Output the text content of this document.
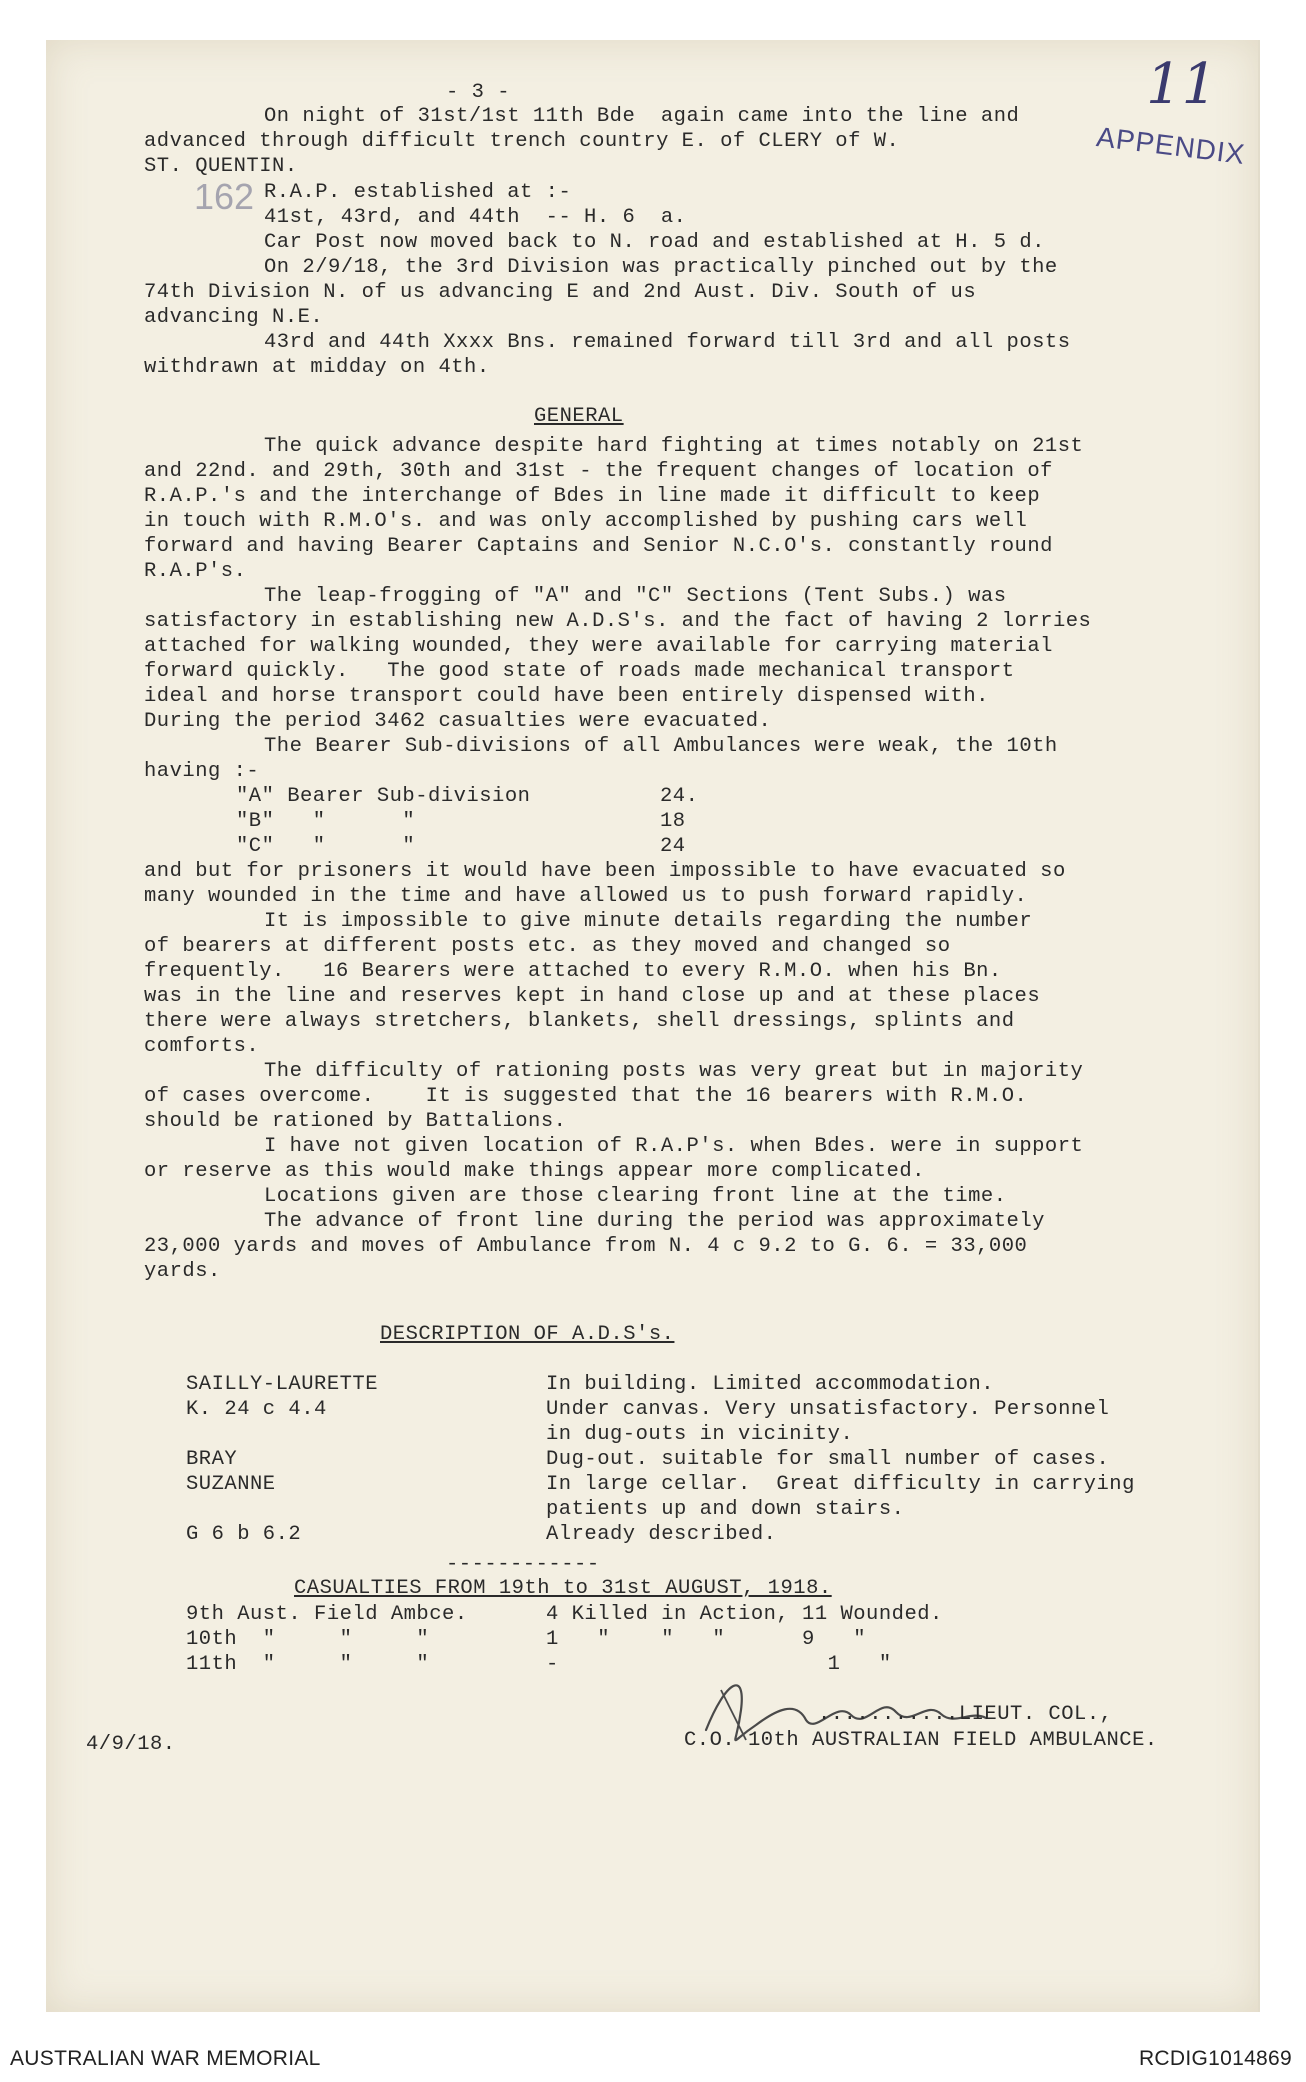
- 3 -	11
APPENDIX
162
On night of 31st/1st 11th Bde  again came into the line and
advanced through difficult trench country E. of CLERY of W.
ST. QUENTIN.
R.A.P. established at :-
41st, 43rd, and 44th  -- H. 6  a.
Car Post now moved back to N. road and established at H. 5 d.
On 2/9/18, the 3rd Division was practically pinched out by the
74th Division N. of us advancing E and 2nd Aust. Div. South of us
advancing N.E.
43rd and 44th Xxxx Bns. remained forward till 3rd and all posts
withdrawn at midday on 4th.
GENERAL
The quick advance despite hard fighting at times notably on 21st
and 22nd. and 29th, 30th and 31st - the frequent changes of location of
R.A.P.'s and the interchange of Bdes in line made it difficult to keep
in touch with R.M.O's. and was only accomplished by pushing cars well
forward and having Bearer Captains and Senior N.C.O's. constantly round
R.A.P's.
The leap-frogging of "A" and "C" Sections (Tent Subs.) was
satisfactory in establishing new A.D.S's. and the fact of having 2 lorries
attached for walking wounded, they were available for carrying material
forward quickly.   The good state of roads made mechanical transport
ideal and horse transport could have been entirely dispensed with.
During the period 3462 casualties were evacuated.
The Bearer Sub-divisions of all Ambulances were weak, the 10th
having :-
"A" Bearer Sub-division	24.
"B"   "      "	18
"C"   "      "	24
and but for prisoners it would have been impossible to have evacuated so
many wounded in the time and have allowed us to push forward rapidly.
It is impossible to give minute details regarding the number
of bearers at different posts etc. as they moved and changed so
frequently.   16 Bearers were attached to every R.M.O. when his Bn.
was in the line and reserves kept in hand close up and at these places
there were always stretchers, blankets, shell dressings, splints and
comforts.
The difficulty of rationing posts was very great but in majority
of cases overcome.    It is suggested that the 16 bearers with R.M.O.
should be rationed by Battalions.
I have not given location of R.A.P's. when Bdes. were in support
or reserve as this would make things appear more complicated.
Locations given are those clearing front line at the time.
The advance of front line during the period was approximately
23,000 yards and moves of Ambulance from N. 4 c 9.2 to G. 6. = 33,000
yards.
DESCRIPTION OF A.D.S's.
SAILLY-LAURETTE	In building. Limited accommodation.
K. 24 c 4.4	Under canvas. Very unsatisfactory. Personnel
in dug-outs in vicinity.
BRAY	Dug-out. suitable for small number of cases.
SUZANNE	In large cellar.  Great difficulty in carrying
patients up and down stairs.
G 6 b 6.2	Already described.
------------
CASUALTIES FROM 19th to 31st AUGUST, 1918.
9th Aust. Field Ambce.	4 Killed in Action, 11 Wounded.
10th  "     "     "	1   "    "   "      9   "
11th  "     "     "	-                     1   "
4/9/18.
...........LIEUT. COL.,
C.O. 10th AUSTRALIAN FIELD AMBULANCE.
AUSTRALIAN WAR MEMORIAL	RCDIG1014869
